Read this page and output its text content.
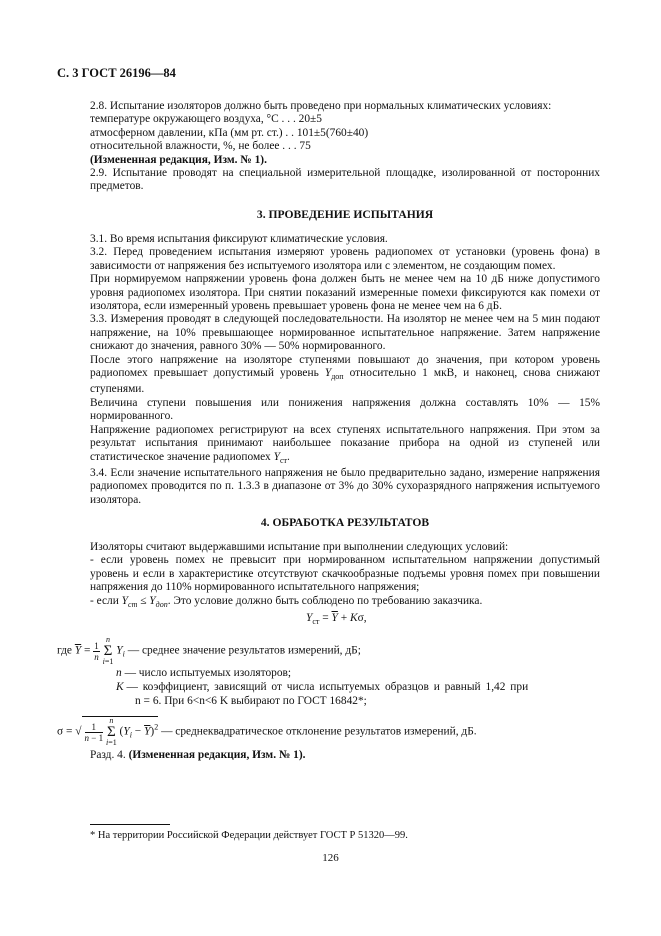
С. 3 ГОСТ 26196—84

2.8. Испытание изоляторов должно быть проведено при нормальных климатических условиях:

температуре окружающего воздуха, °С . . . 20±5

атмосферном давлении, кПа (мм рт. ст.) . . 101±5(760±40)

относительной влажности, %, не более . . . 75

(Измененная редакция, Изм. № 1).

2.9. Испытание проводят на специальной измерительной площадке, изолированной от посторонних предметов.

3. ПРОВЕДЕНИЕ ИСПЫТАНИЯ

3.1. Во время испытания фиксируют климатические условия.

3.2. Перед проведением испытания измеряют уровень радиопомех от установки (уровень фона) в зависимости от напряжения без испытуемого изолятора или с элементом, не создающим помех.

При нормируемом напряжении уровень фона должен быть не менее чем на 10 дБ ниже допустимого уровня радиопомех изолятора. При снятии показаний измеренные помехи фиксируются как помехи от изолятора, если измеренный уровень превышает уровень фона не менее чем на 6 дБ.

3.3. Измерения проводят в следующей последовательности. На изолятор не менее чем на 5 мин подают напряжение, на 10% превышающее нормированное испытательное напряжение. Затем напряжение снижают до значения, равного 30% — 50% нормированного.

После этого напряжение на изоляторе ступенями повышают до значения, при котором уровень радиопомех превышает допустимый уровень $Y_{доп}$ относительно 1 мкВ, и наконец, снова снижают ступенями.

Величина ступени повышения или понижения напряжения должна составлять 10% — 15% нормированного.

Напряжение радиопомех регистрируют на всех ступенях испытательного напряжения. При этом за результат испытания принимают наибольшее показание прибора на одной из ступеней или статистическое значение радиопомех $Y_{ст}$.

3.4. Если значение испытательного напряжения не было предварительно задано, измерение напряжения радиопомех проводится по п. 1.3.3 в диапазоне от 3% до 30% сухоразрядного напряжения испытуемого изолятора.

4. ОБРАБОТКА РЕЗУЛЬТАТОВ

Изоляторы считают выдержавшими испытание при выполнении следующих условий:

- если уровень помех не превысит при нормированном испытательном напряжении допустимый уровень и если в характеристике отсутствуют скачкообразные подъемы уровня помех при повышении напряжения до 110% нормированного испытательного напряжения;

- если $Y_{ст} \le Y_{доп}$. Это условие должно быть соблюдено по требованию заказчика.

$Y_{ст} = \overline{Y} + K\sigma$,
где $\overline{Y} = \frac{1}{n}$
n
Σ
i=1 $Y_i$ — среднее значение результатов измерений, дБ;
n — число испытуемых изоляторов;
K — коэффициент, зависящий от числа испытуемых образцов и равный 1,42 при
n = 6. При 6<n<6 K выбирают по ГОСТ 16842*;
σ = √ $\frac{1}{n - 1}$
n
Σ
i=1 $(Y_i - \overline{Y})^2$ — среднеквадратическое отклонение результатов измерений, дБ.
Разд. 4. (Измененная редакция, Изм. № 1).
* На территории Российской Федерации действует ГОСТ Р 51320—99.
126
